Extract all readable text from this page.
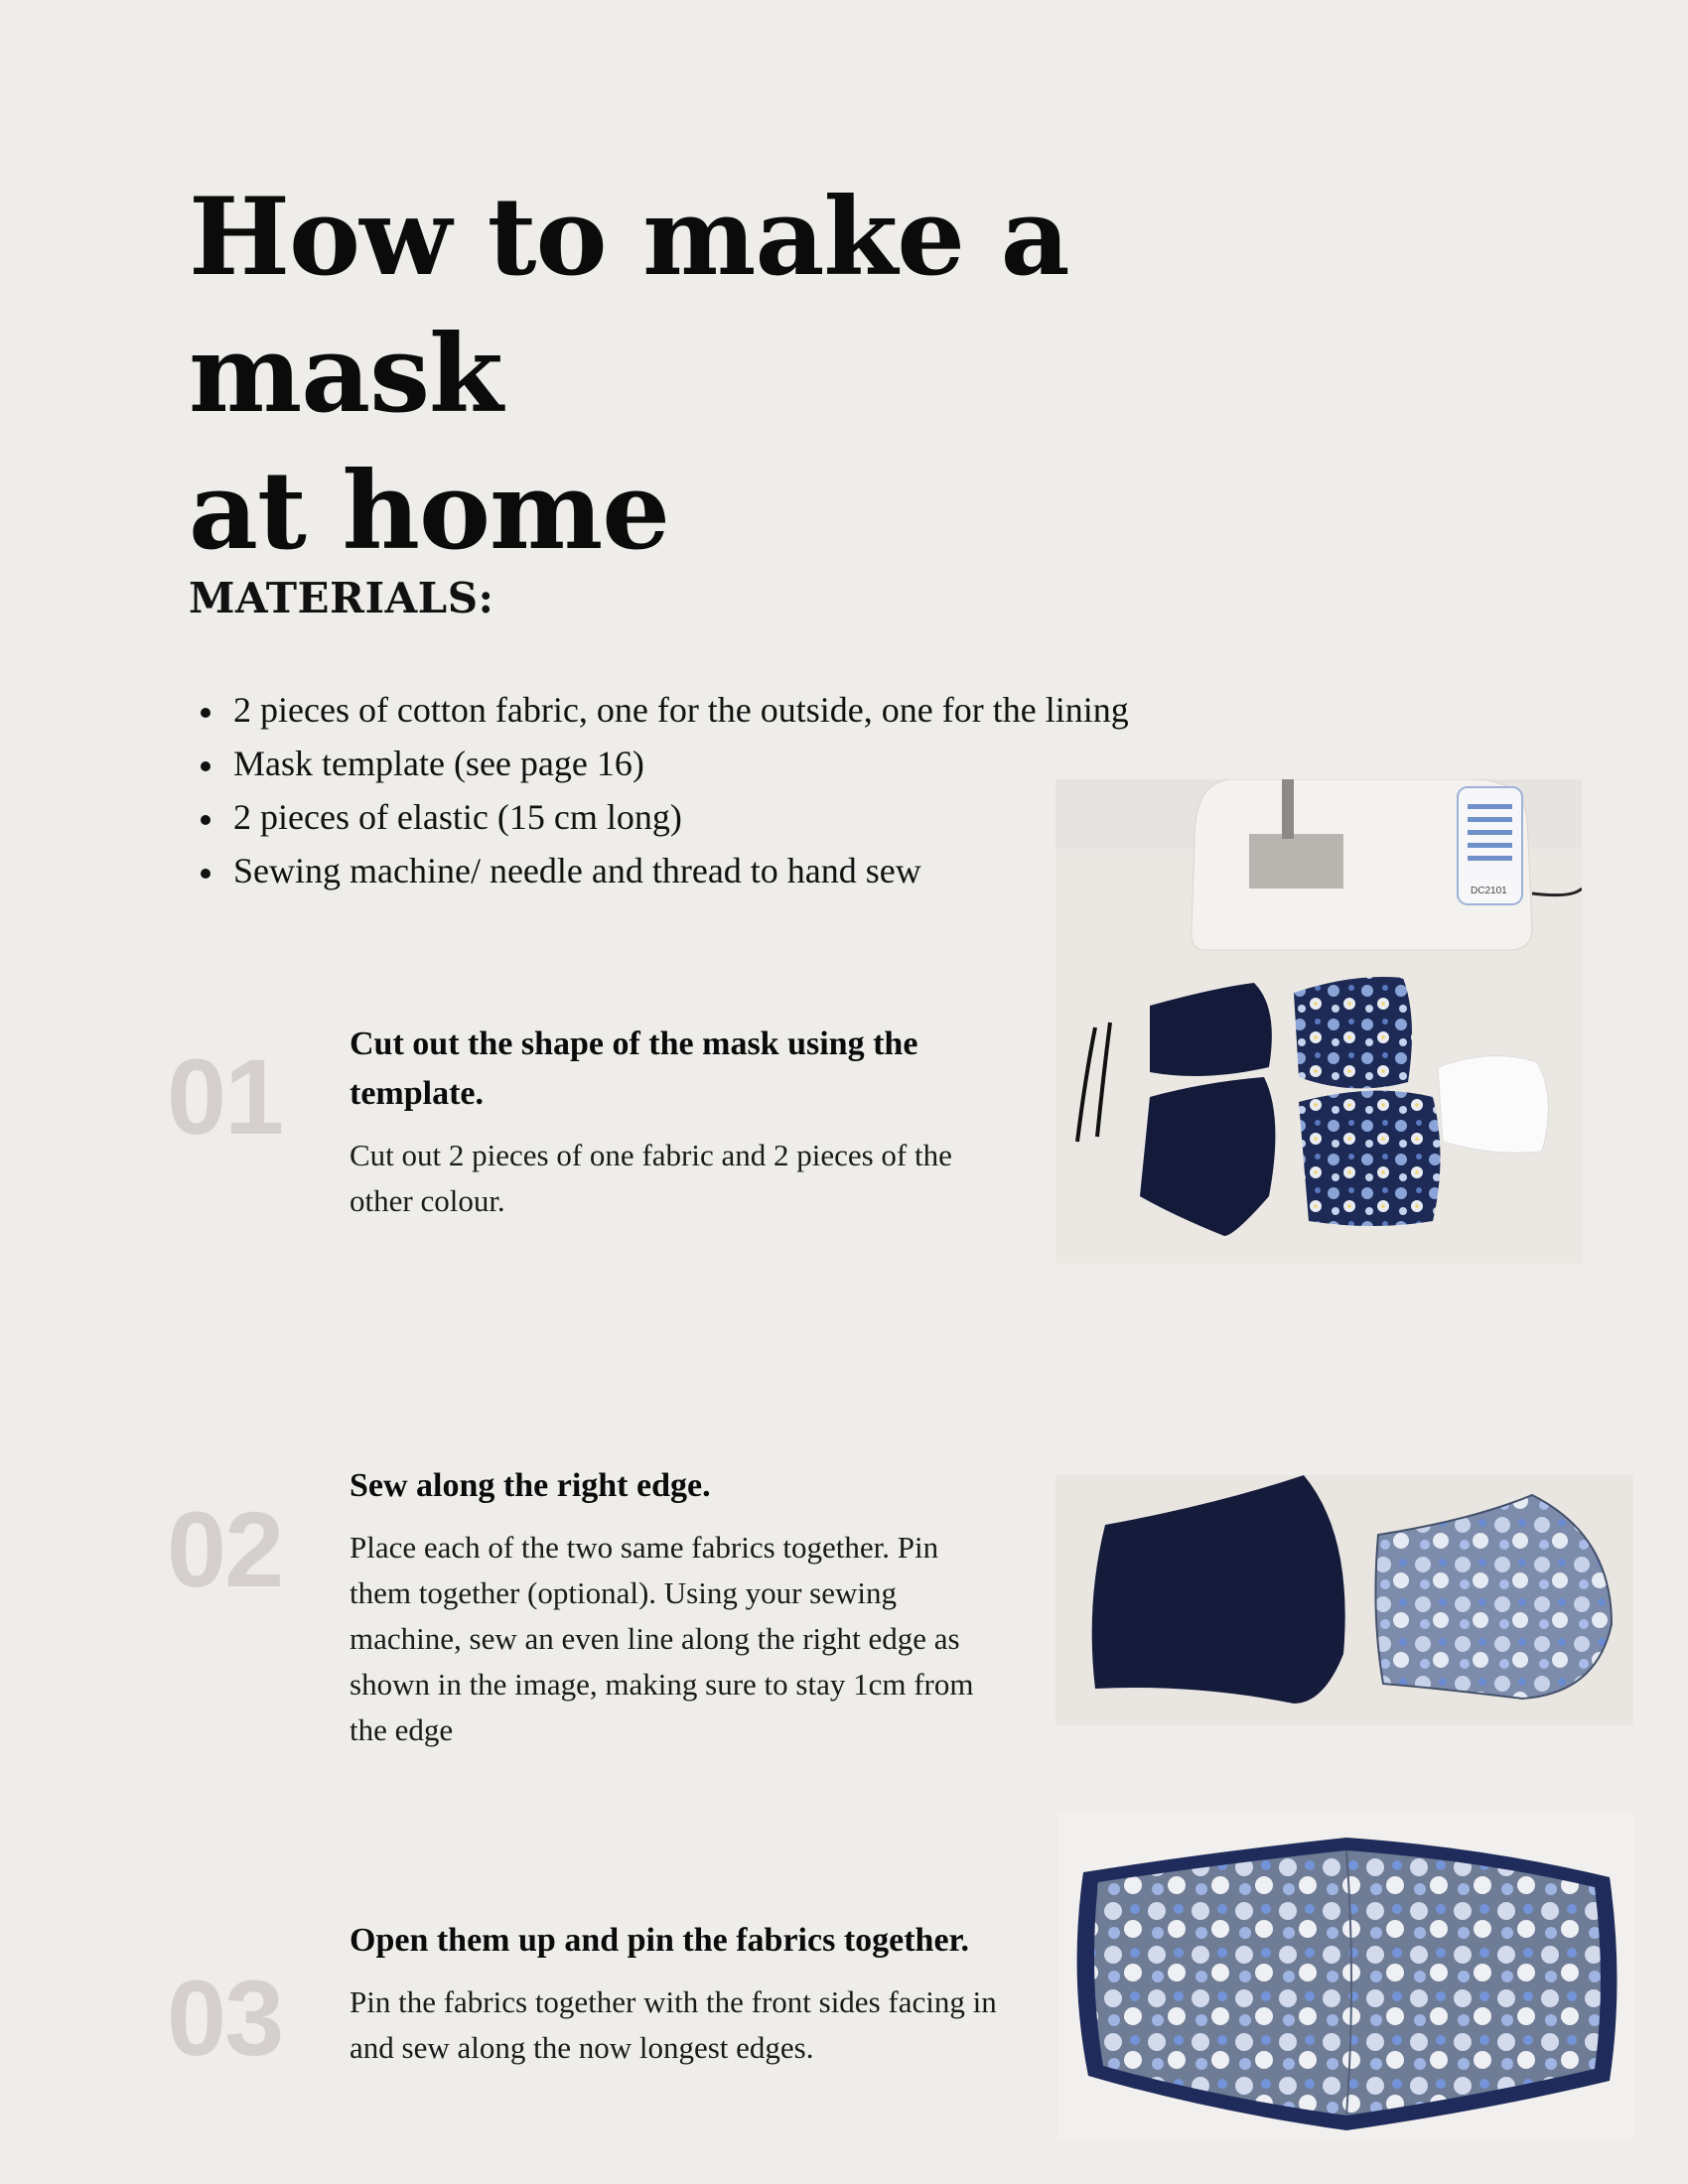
How to make a mask
at home
MATERIALS:
2 pieces of cotton fabric, one for the outside, one for the lining
Mask template (see page 16)
2 pieces of elastic (15 cm long)
Sewing machine/ needle and thread to hand sew
01 Cut out the shape of the mask using the template.

Cut out 2 pieces of one fabric and 2 pieces of the other colour.

02
Sew along the right edge.

Place each of the two same fabrics together. Pin them together (optional). Using your sewing machine, sew an even line along the right edge as shown in the image, making sure to stay 1cm from the edge

03
Open them up and pin the fabrics together.

Pin the fabrics together with the front sides facing in and sew along the now longest edges.

DC2101
